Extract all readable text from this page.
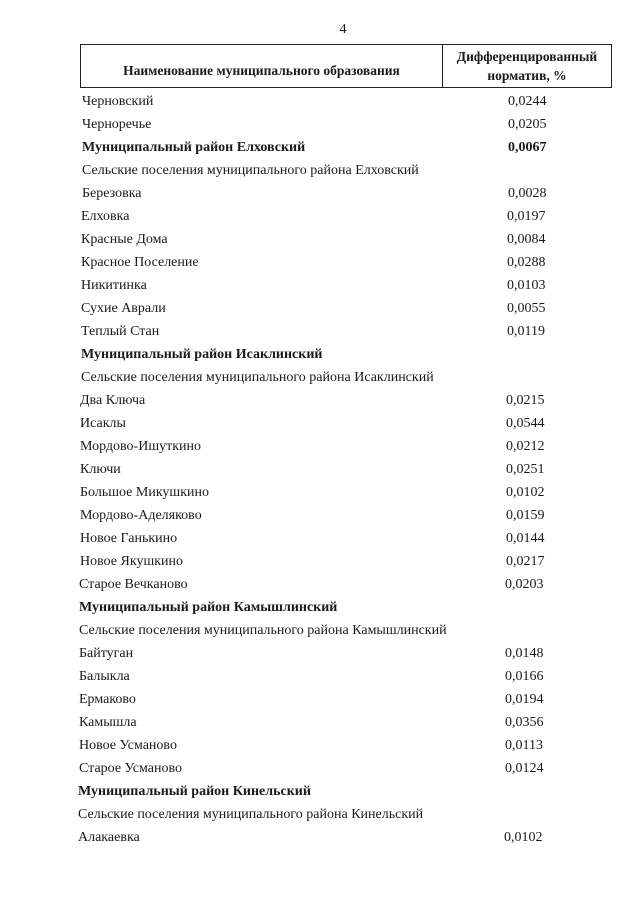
4
Наименование муниципального образования
Дифференцированный
норматив, %
Черновский	0,0244
Черноречье	0,0205
Муниципальный район Елховский	0,0067
Сельские поселения муниципального района Елховский
Березовка	0,0028
Елховка	0,0197
Красные Дома	0,0084
Красное Поселение	0,0288
Никитинка	0,0103
Сухие Аврали	0,0055
Теплый Стан	0,0119
Муниципальный район Исаклинский
Сельские поселения муниципального района Исаклинский
Два Ключа	0,0215
Исаклы	0,0544
Мордово-Ишуткино	0,0212
Ключи	0,0251
Большое Микушкино	0,0102
Мордово-Аделяково	0,0159
Новое Ганькино	0,0144
Новое Якушкино	0,0217
Старое Вечканово	0,0203
Муниципальный район Камышлинский
Сельские поселения муниципального района Камышлинский
Байтуган	0,0148
Балыкла	0,0166
Ермаково	0,0194
Камышла	0,0356
Новое Усманово	0,0113
Старое Усманово	0,0124
Муниципальный район Кинельский
Сельские поселения муниципального района Кинельский
Алакаевка	0,0102
